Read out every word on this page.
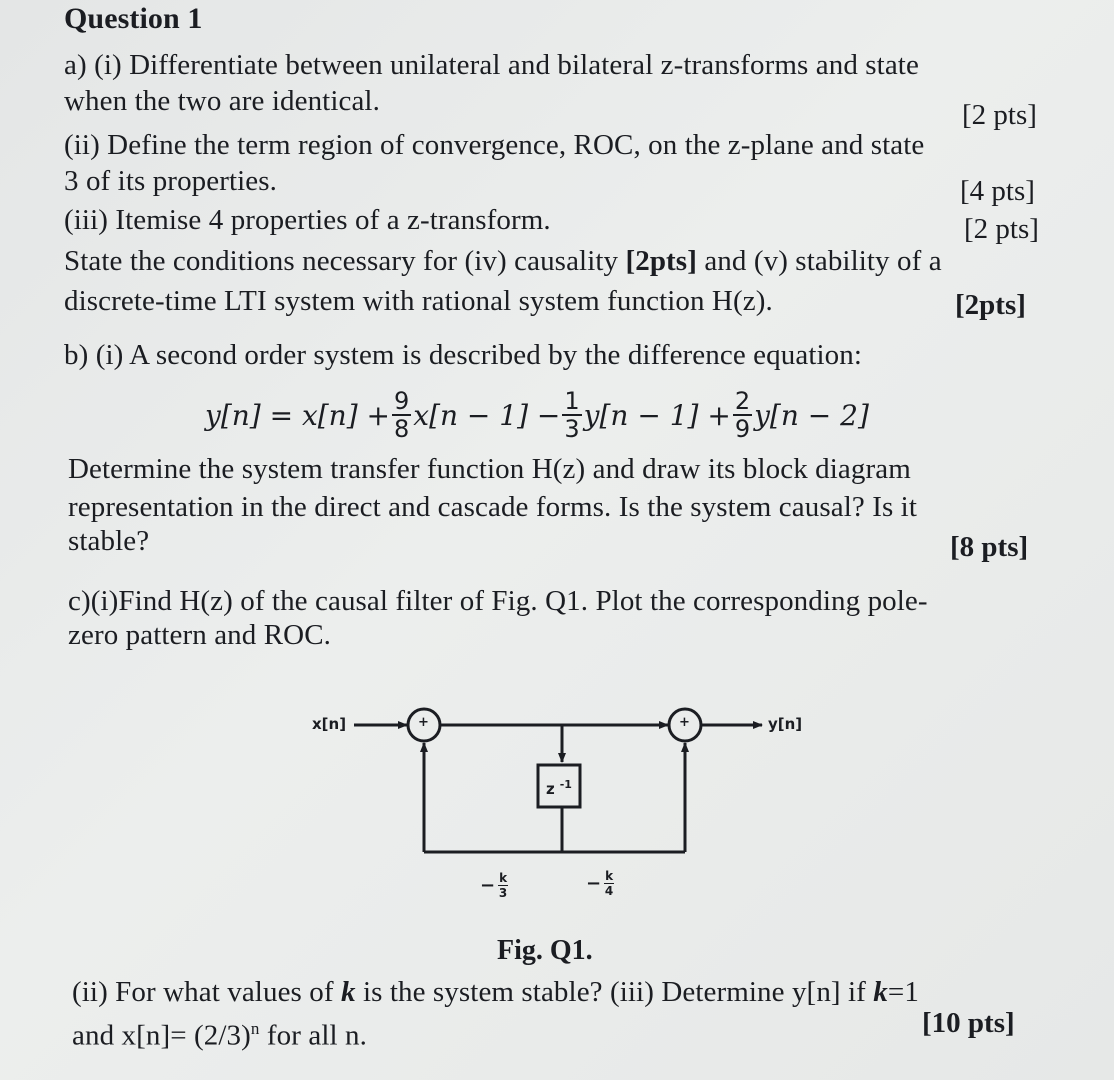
Question 1
a) (i) Differentiate between unilateral and bilateral z-transforms and state
when the two are identical.	[2 pts]
(ii) Define the term region of convergence, ROC, on the z-plane and state
3 of its properties.	[4 pts]
(iii) Itemise 4 properties of a z-transform.	[2 pts]
State the conditions necessary for (iv) causality [2pts] and (v) stability of a
discrete-time LTI system with rational system function H(z).	[2pts]
b) (i) A second order system is described by the difference equation:
$y[n] = x[n] + \frac{9}{8} x[n - 1] - \frac{1}{3} y[n - 1] + \frac{2}{9} y[n - 2]$
Determine the system transfer function H(z) and draw its block diagram
representation in the direct and cascade forms. Is the system causal? Is it
stable?	[8 pts]
c)(i)Find H(z) of the causal filter of Fig. Q1. Plot the corresponding pole-
zero pattern and ROC.
x[n]	+	+	y[n]
z $^{-1}$
− k
3	− k
4
Fig. Q1.
(ii) For what values of k is the system stable? (iii) Determine y[n] if k=1
and $x[n]= (2/3)^n$ for all n.	[10 pts]
